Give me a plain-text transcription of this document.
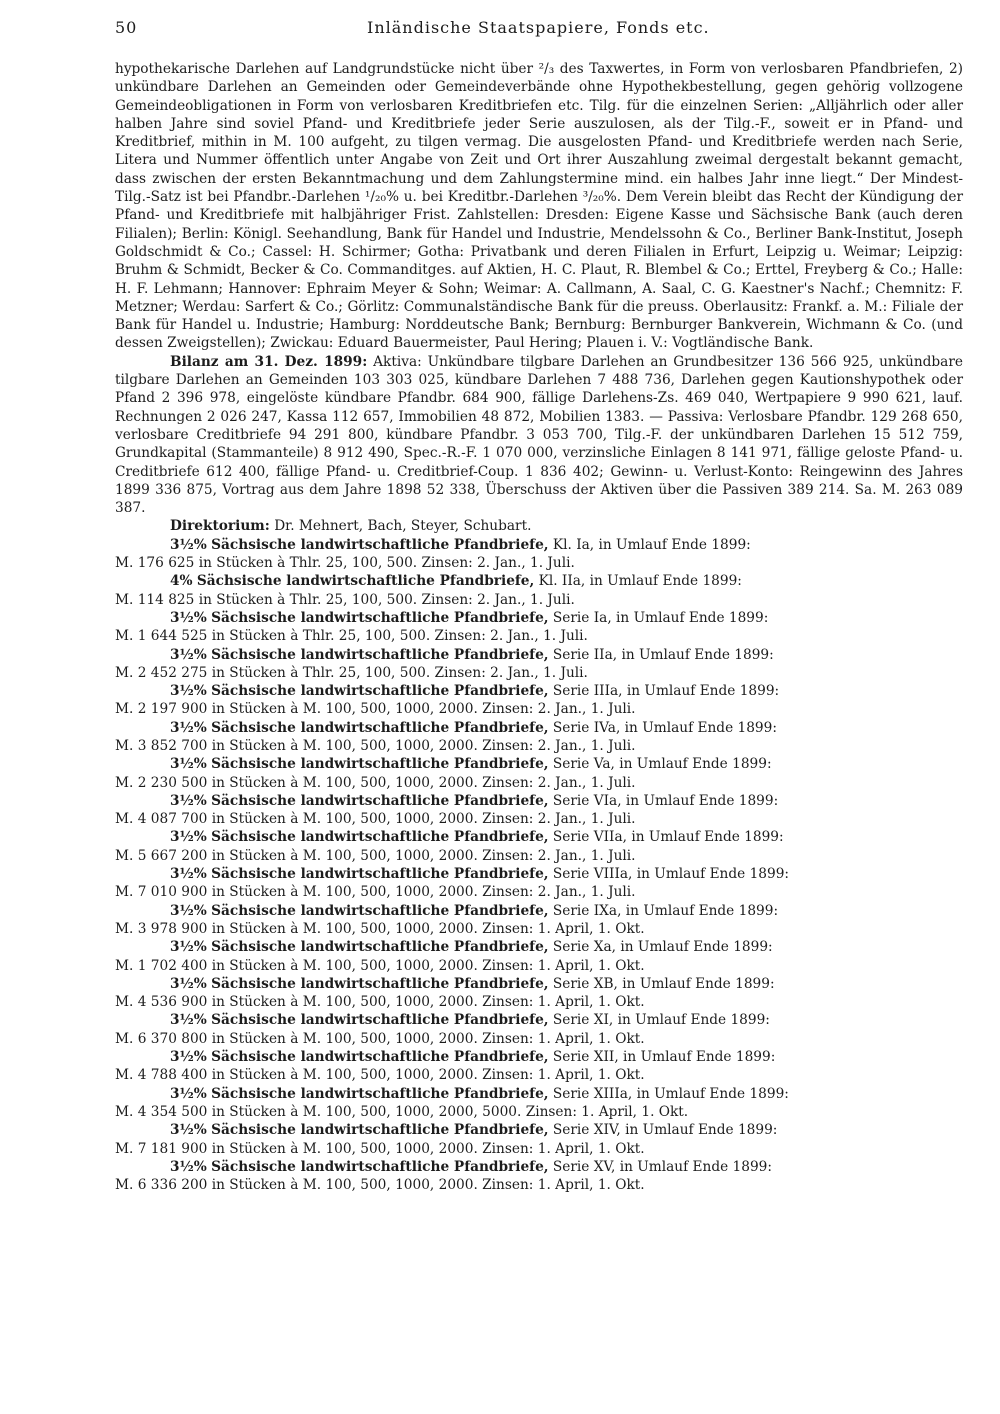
50	Inländische Staatspapiere, Fonds etc.

hypothekarische Darlehen auf Landgrundstücke nicht über ²/₃ des Taxwertes, in Form von verlosbaren Pfandbriefen, 2) unkündbare Darlehen an Gemeinden oder Gemeindeverbände ohne Hypothekbestellung, gegen gehörig vollzogene Gemeindeobligationen in Form von verlosbaren Kreditbriefen etc. Tilg. für die einzelnen Serien: „Alljährlich oder aller halben Jahre sind soviel Pfand- und Kreditbriefe jeder Serie auszulosen, als der Tilg.-F., soweit er in Pfand- und Kreditbrief, mithin in M. 100 aufgeht, zu tilgen vermag. Die ausgelosten Pfand- und Kreditbriefe werden nach Serie, Litera und Nummer öffentlich unter Angabe von Zeit und Ort ihrer Auszahlung zweimal dergestalt bekannt gemacht, dass zwischen der ersten Bekanntmachung und dem Zahlungstermine mind. ein halbes Jahr inne liegt.“ Der Mindest-Tilg.-Satz ist bei Pfandbr.-Darlehen ¹/₂₀% u. bei Kreditbr.-Darlehen ³/₂₀%. Dem Verein bleibt das Recht der Kündigung der Pfand- und Kreditbriefe mit halbjähriger Frist. Zahlstellen: Dresden: Eigene Kasse und Sächsische Bank (auch deren Filialen); Berlin: Königl. Seehandlung, Bank für Handel und Industrie, Mendelssohn & Co., Berliner Bank-Institut, Joseph Goldschmidt & Co.; Cassel: H. Schirmer; Gotha: Privatbank und deren Filialen in Erfurt, Leipzig u. Weimar; Leipzig: Bruhm & Schmidt, Becker & Co. Commanditges. auf Aktien, H. C. Plaut, R. Blembel & Co.; Erttel, Freyberg & Co.; Halle: H. F. Lehmann; Hannover: Ephraim Meyer & Sohn; Weimar: A. Callmann, A. Saal, C. G. Kaestner's Nachf.; Chemnitz: F. Metzner; Werdau: Sarfert & Co.; Görlitz: Communalständische Bank für die preuss. Oberlausitz: Frankf. a. M.: Filiale der Bank für Handel u. Industrie; Hamburg: Norddeutsche Bank; Bernburg: Bernburger Bankverein, Wichmann & Co. (und dessen Zweigstellen); Zwickau: Eduard Bauermeister, Paul Hering; Plauen i. V.: Vogtländische Bank.

Bilanz am 31. Dez. 1899: Aktiva: Unkündbare tilgbare Darlehen an Grundbesitzer 136 566 925, unkündbare tilgbare Darlehen an Gemeinden 103 303 025, kündbare Darlehen 7 488 736, Darlehen gegen Kautionshypothek oder Pfand 2 396 978, eingelöste kündbare Pfandbr. 684 900, fällige Darlehens-Zs. 469 040, Wertpapiere 9 990 621, lauf. Rechnungen 2 026 247, Kassa 112 657, Immobilien 48 872, Mobilien 1383. — Passiva: Verlosbare Pfandbr. 129 268 650, verlosbare Creditbriefe 94 291 800, kündbare Pfandbr. 3 053 700, Tilg.-F. der unkündbaren Darlehen 15 512 759, Grundkapital (Stammanteile) 8 912 490, Spec.-R.-F. 1 070 000, verzinsliche Einlagen 8 141 971, fällige geloste Pfand- u. Creditbriefe 612 400, fällige Pfand- u. Creditbrief-Coup. 1 836 402; Gewinn- u. Verlust-Konto: Reingewinn des Jahres 1899 336 875, Vortrag aus dem Jahre 1898 52 338, Überschuss der Aktiven über die Passiven 389 214. Sa. M. 263 089 387.

Direktorium: Dr. Mehnert, Bach, Steyer, Schubart.

3½% Sächsische landwirtschaftliche Pfandbriefe, Kl. Ia, in Umlauf Ende 1899:
M. 176 625 in Stücken à Thlr. 25, 100, 500. Zinsen: 2. Jan., 1. Juli.
4% Sächsische landwirtschaftliche Pfandbriefe, Kl. IIa, in Umlauf Ende 1899:
M. 114 825 in Stücken à Thlr. 25, 100, 500. Zinsen: 2. Jan., 1. Juli.
3½% Sächsische landwirtschaftliche Pfandbriefe, Serie Ia, in Umlauf Ende 1899:
M. 1 644 525 in Stücken à Thlr. 25, 100, 500. Zinsen: 2. Jan., 1. Juli.
3½% Sächsische landwirtschaftliche Pfandbriefe, Serie IIa, in Umlauf Ende 1899:
M. 2 452 275 in Stücken à Thlr. 25, 100, 500. Zinsen: 2. Jan., 1. Juli.
3½% Sächsische landwirtschaftliche Pfandbriefe, Serie IIIa, in Umlauf Ende 1899:
M. 2 197 900 in Stücken à M. 100, 500, 1000, 2000. Zinsen: 2. Jan., 1. Juli.
3½% Sächsische landwirtschaftliche Pfandbriefe, Serie IVa, in Umlauf Ende 1899:
M. 3 852 700 in Stücken à M. 100, 500, 1000, 2000. Zinsen: 2. Jan., 1. Juli.
3½% Sächsische landwirtschaftliche Pfandbriefe, Serie Va, in Umlauf Ende 1899:
M. 2 230 500 in Stücken à M. 100, 500, 1000, 2000. Zinsen: 2. Jan., 1. Juli.
3½% Sächsische landwirtschaftliche Pfandbriefe, Serie VIa, in Umlauf Ende 1899:
M. 4 087 700 in Stücken à M. 100, 500, 1000, 2000. Zinsen: 2. Jan., 1. Juli.
3½% Sächsische landwirtschaftliche Pfandbriefe, Serie VIIa, in Umlauf Ende 1899:
M. 5 667 200 in Stücken à M. 100, 500, 1000, 2000. Zinsen: 2. Jan., 1. Juli.
3½% Sächsische landwirtschaftliche Pfandbriefe, Serie VIIIa, in Umlauf Ende 1899:
M. 7 010 900 in Stücken à M. 100, 500, 1000, 2000. Zinsen: 2. Jan., 1. Juli.
3½% Sächsische landwirtschaftliche Pfandbriefe, Serie IXa, in Umlauf Ende 1899:
M. 3 978 900 in Stücken à M. 100, 500, 1000, 2000. Zinsen: 1. April, 1. Okt.
3½% Sächsische landwirtschaftliche Pfandbriefe, Serie Xa, in Umlauf Ende 1899:
M. 1 702 400 in Stücken à M. 100, 500, 1000, 2000. Zinsen: 1. April, 1. Okt.
3½% Sächsische landwirtschaftliche Pfandbriefe, Serie XB, in Umlauf Ende 1899:
M. 4 536 900 in Stücken à M. 100, 500, 1000, 2000. Zinsen: 1. April, 1. Okt.
3½% Sächsische landwirtschaftliche Pfandbriefe, Serie XI, in Umlauf Ende 1899:
M. 6 370 800 in Stücken à M. 100, 500, 1000, 2000. Zinsen: 1. April, 1. Okt.
3½% Sächsische landwirtschaftliche Pfandbriefe, Serie XII, in Umlauf Ende 1899:
M. 4 788 400 in Stücken à M. 100, 500, 1000, 2000. Zinsen: 1. April, 1. Okt.
3½% Sächsische landwirtschaftliche Pfandbriefe, Serie XIIIa, in Umlauf Ende 1899:
M. 4 354 500 in Stücken à M. 100, 500, 1000, 2000, 5000. Zinsen: 1. April, 1. Okt.
3½% Sächsische landwirtschaftliche Pfandbriefe, Serie XIV, in Umlauf Ende 1899:
M. 7 181 900 in Stücken à M. 100, 500, 1000, 2000. Zinsen: 1. April, 1. Okt.
3½% Sächsische landwirtschaftliche Pfandbriefe, Serie XV, in Umlauf Ende 1899:
M. 6 336 200 in Stücken à M. 100, 500, 1000, 2000. Zinsen: 1. April, 1. Okt.
